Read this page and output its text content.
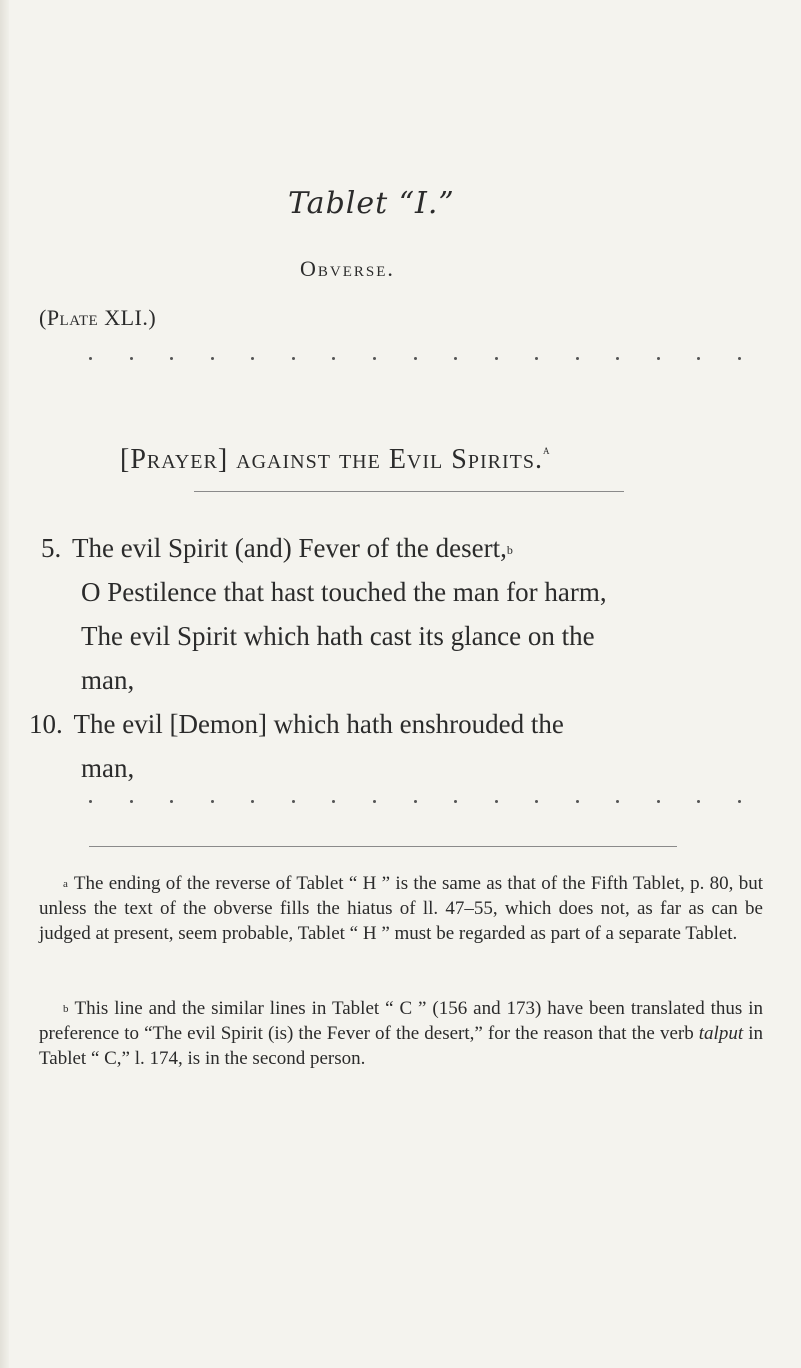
Tablet “I.”
Obverse.
(Plate XLI.)
[Prayer] against the Evil Spirits.$^a$
5. The evil Spirit (and) Fever of the desert,$^b$
O Pestilence that hast touched the man for harm,
The evil Spirit which hath cast its glance on the
man,
10. The evil [Demon] which hath enshrouded the
man,
$^a$ The ending of the reverse of Tablet “ H ” is the same as that of the Fifth Tablet, p. 80, but unless the text of the obverse fills the hiatus of ll. 47–55, which does not, as far as can be judged at present, seem probable, Tablet “ H ” must be regarded as part of a separate Tablet.
$^b$ This line and the similar lines in Tablet “ C ” (156 and 173) have been translated thus in preference to “The evil Spirit (is) the Fever of the desert,” for the reason that the verb talput in Tablet “ C,” l. 174, is in the second person.
